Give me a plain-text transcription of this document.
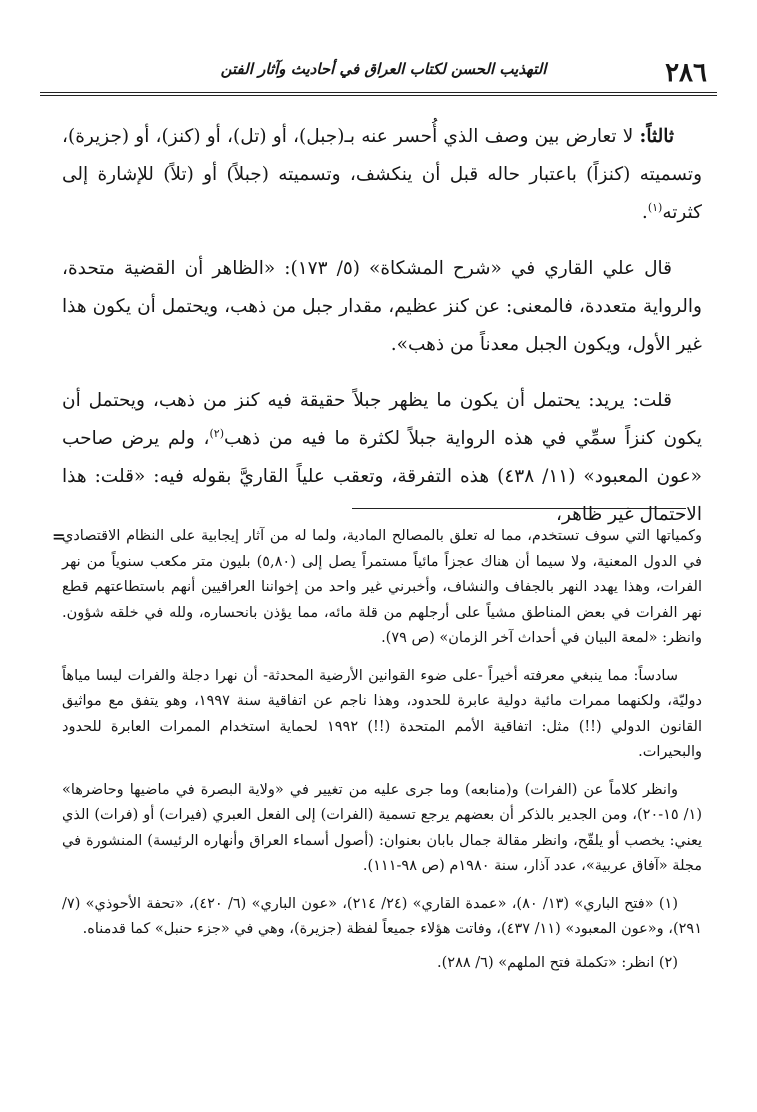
٢٨٦
التهذيب الحسن لكتاب العراق في أحاديث وآثار الفتن

ثالثاً: لا تعارض بين وصف الذي أُحسر عنه بـ(جبل)، أو (تل)، أو (كنز)، أو (جزيرة)، وتسميته (كنزاً) باعتبار حاله قبل أن ينكشف، وتسميته (جبلاً) أو (تلاً) للإشارة إلى كثرته$^{(١)}$.

قال علي القاري في «شرح المشكاة» (٥/ ١٧٣): «الظاهر أن القضية متحدة، والرواية متعددة، فالمعنى: عن كنز عظيم، مقدار جبل من ذهب، ويحتمل أن يكون هذا غير الأول، ويكون الجبل معدناً من ذهب».

قلت: يريد: يحتمل أن يكون ما يظهر جبلاً حقيقة فيه كنز من ذهب، ويحتمل أن يكون كنزاً سمِّي في هذه الرواية جبلاً لكثرة ما فيه من ذهب$^{(٢)}$، ولم يرض صاحب «عون المعبود» (١١/ ٤٣٨) هذه التفرقة، وتعقب علياً القاريَّ بقوله فيه: «قلت: هذا الاحتمال غير ظاهر،

=
وكمياتها التي سوف تستخدم، مما له تعلق بالمصالح المادية، ولما له من آثار إيجابية على النظام الاقتصادي في الدول المعنية، ولا سيما أن هناك عجزاً مائياً مستمراً يصل إلى (٥,٨٠) بليون متر مكعب سنوياً من نهر الفرات، وهذا يهدد النهر بالجفاف والنشاف، وأخبرني غير واحد من إخواننا العراقيين أنهم باستطاعتهم قطع نهر الفرات في بعض المناطق مشياً على أرجلهم من قلة مائه، مما يؤذن بانحساره، ولله في خلقه شؤون. وانظر: «لمعة البيان في أحداث آخر الزمان» (ص ٧٩).

سادساً: مما ينبغي معرفته أخيراً -على ضوء القوانين الأرضية المحدثة- أن نهرا دجلة والفرات ليسا مياهاً دوليّة، ولكنهما ممرات مائية دولية عابرة للحدود، وهذا ناجم عن اتفاقية سنة ١٩٩٧، وهو يتفق مع مواثيق القانون الدولي (!!) مثل: اتفاقية الأمم المتحدة (!!) ١٩٩٢ لحماية استخدام الممرات العابرة للحدود والبحيرات.

وانظر كلاماً عن (الفرات) و(منابعه) وما جرى عليه من تغيير في «ولاية البصرة في ماضيها وحاضرها» (١/ ١٥-٢٠)، ومن الجدير بالذكر أن بعضهم يرجع تسمية (الفرات) إلى الفعل العبري (فيرات) أو (فرات) الذي يعني: يخصب أو يلقّح، وانظر مقالة جمال بابان بعنوان: (أصول أسماء العراق وأنهاره الرئيسة) المنشورة في مجلة «آفاق عربية»، عدد آذار، سنة ١٩٨٠م (ص ٩٨-١١١).

(١) «فتح الباري» (١٣/ ٨٠)، «عمدة القاري» (٢٤/ ٢١٤)، «عون الباري» (٦/ ٤٢٠)، «تحفة الأحوذي» (٧/ ٢٩١)، و«عون المعبود» (١١/ ٤٣٧)، وفاتت هؤلاء جميعاً لفظة (جزيرة)، وهي في «جزء حنبل» كما قدمناه.

(٢) انظر: «تكملة فتح الملهم» (٦/ ٢٨٨).
